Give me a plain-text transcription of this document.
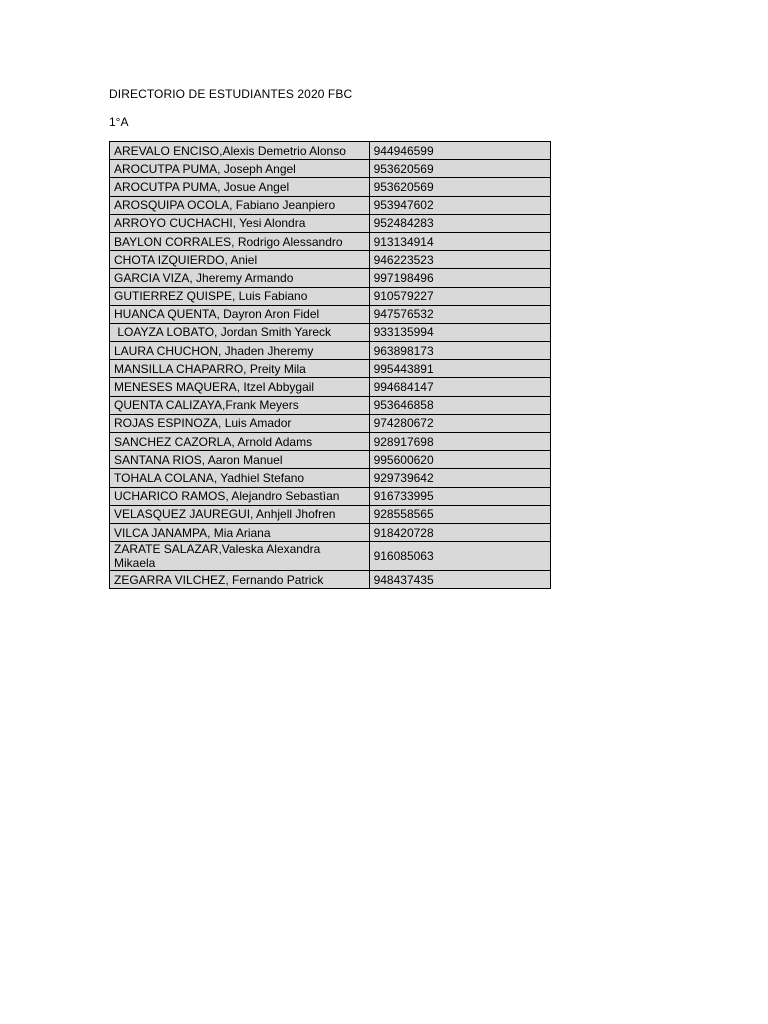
DIRECTORIO DE ESTUDIANTES 2020 FBC
1°A
AREVALO ENCISO,Alexis Demetrio Alonso	944946599
AROCUTPA PUMA, Joseph Angel	953620569
AROCUTPA PUMA, Josue Angel	953620569
AROSQUIPA OCOLA, Fabiano Jeanpiero	953947602
ARROYO CUCHACHI, Yesi Alondra	952484283
BAYLON CORRALES, Rodrigo Alessandro	913134914
CHOTA IZQUIERDO, Aniel	946223523
GARCIA VIZA, Jheremy Armando	997198496
GUTIERREZ QUISPE, Luis Fabiano	910579227
HUANCA QUENTA, Dayron Aron Fidel	947576532
LOAYZA LOBATO, Jordan Smith Yareck	933135994
LAURA CHUCHON, Jhaden Jheremy	963898173
MANSILLA CHAPARRO, Preity Mila	995443891
MENESES MAQUERA, Itzel Abbygail	994684147
QUENTA CALIZAYA,Frank Meyers	953646858
ROJAS ESPINOZA, Luis Amador	974280672
SANCHEZ CAZORLA, Arnold Adams	928917698
SANTANA RIOS, Aaron Manuel	995600620
TOHALA COLANA, Yadhiel Stefano	929739642
UCHARICO RAMOS, Alejandro Sebastìan	916733995
VELASQUEZ JAUREGUI, Anhjell Jhofren	928558565
VILCA JANAMPA, Mia Ariana	918420728
ZARATE SALAZAR,Valeska Alexandra Mikaela	916085063
ZEGARRA VILCHEZ, Fernando Patrick	948437435
